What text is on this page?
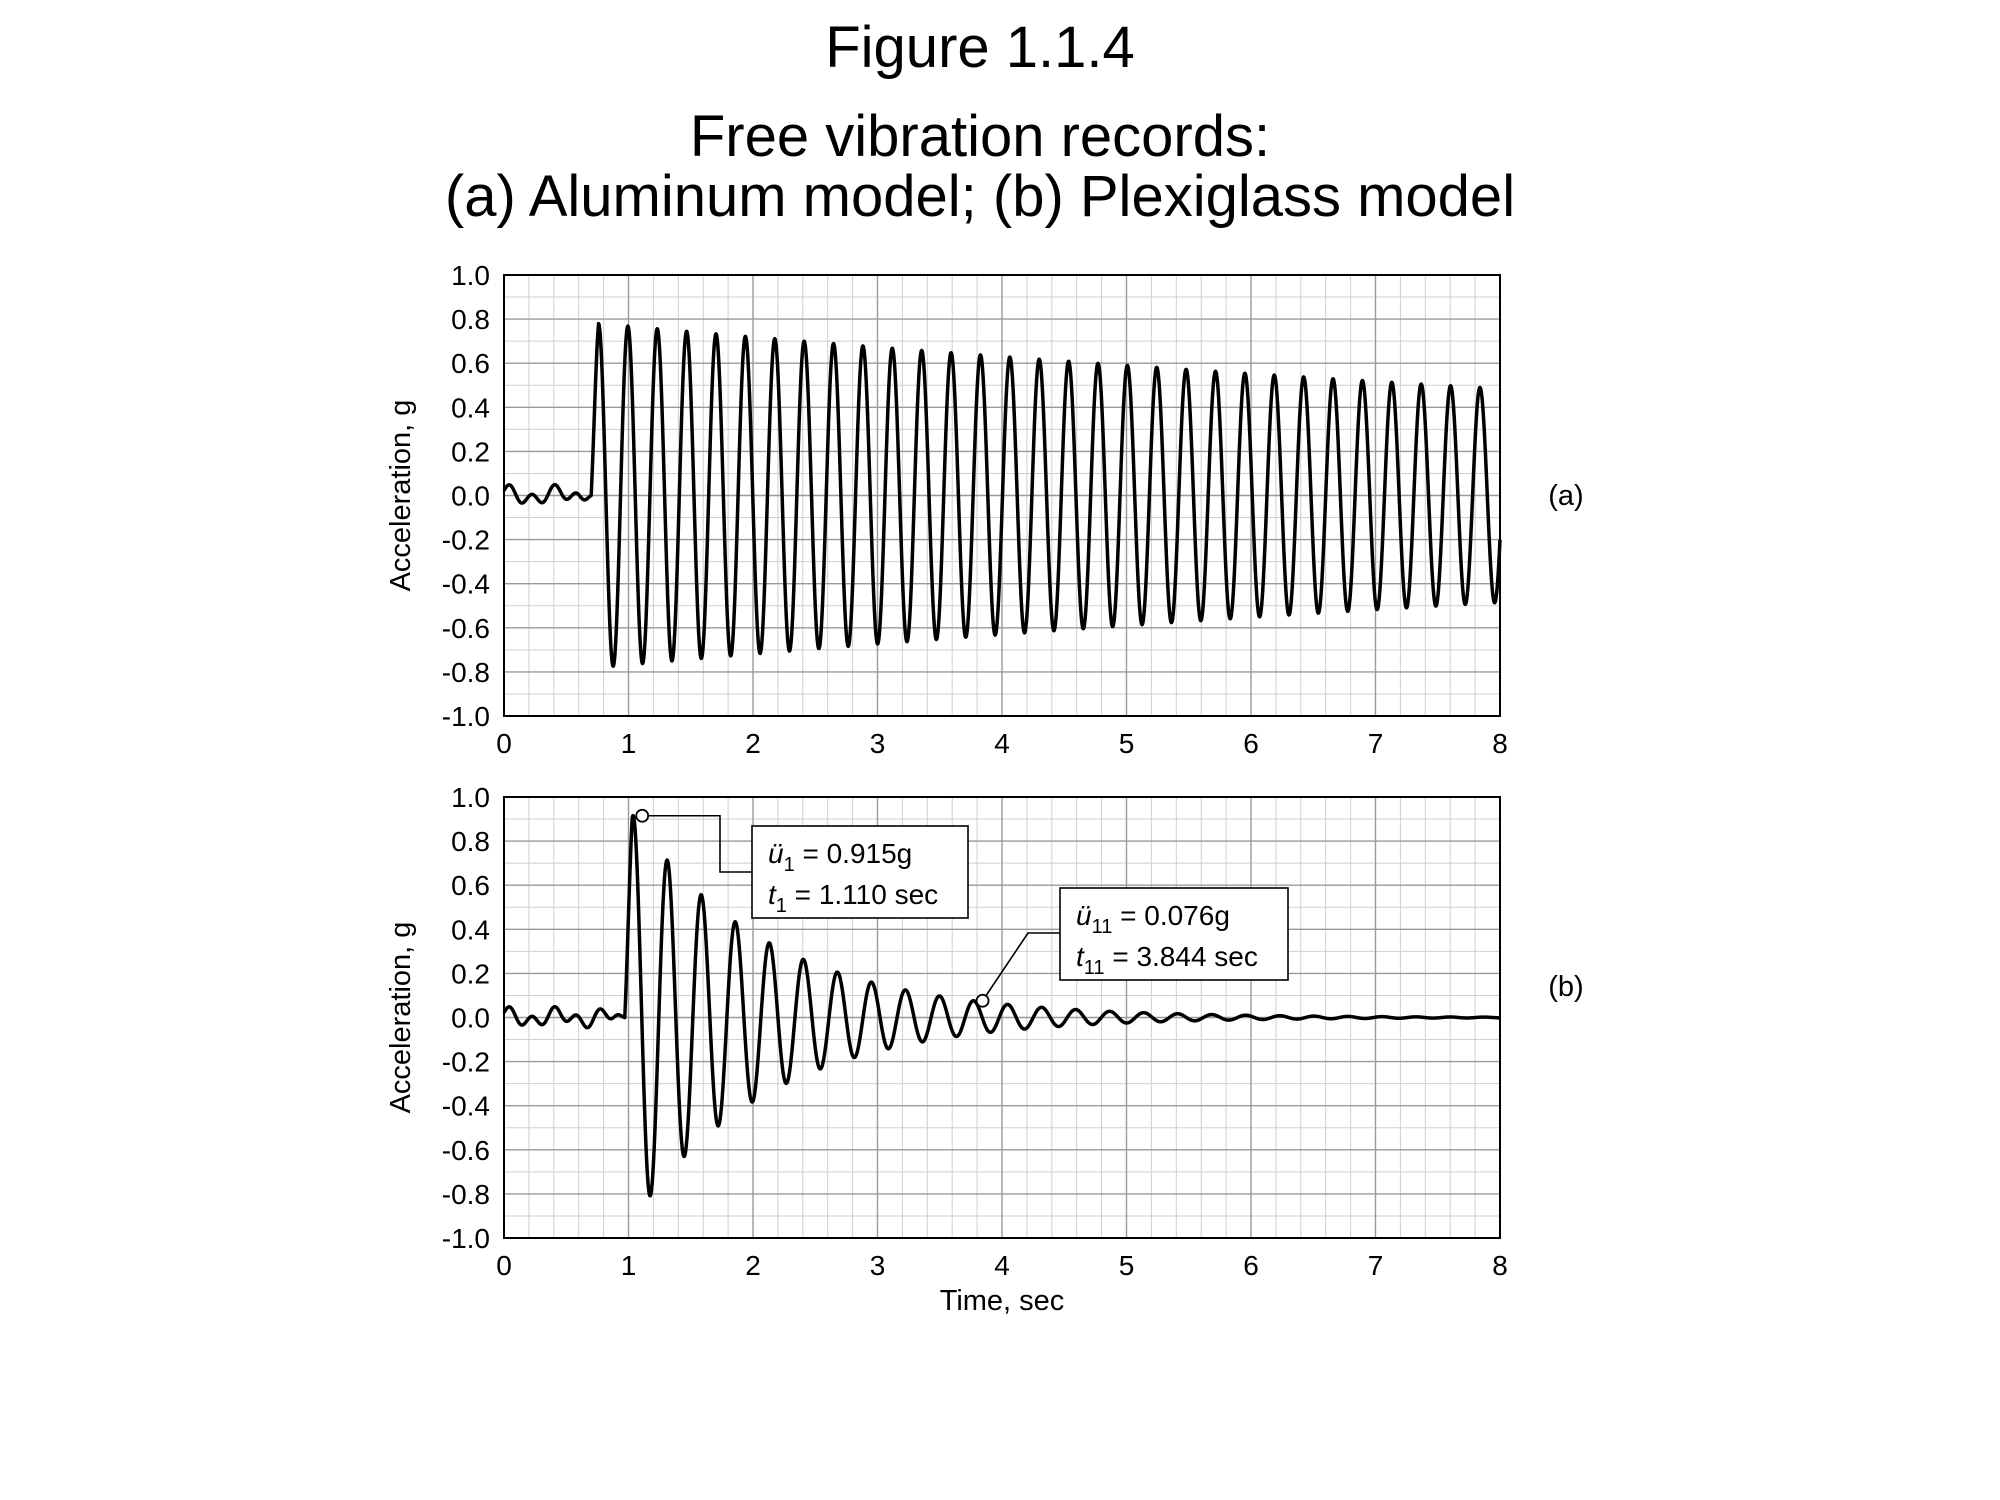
Figure 1.1.4
Free vibration records:
(a) Aluminum model; (b) Plexiglass model
-1.0
-0.8
-0.6
-0.4
-0.2
0.0
0.2
0.4
0.6
0.8
1.0
0	1	2	3	4	5	6	7	8
Acceleration, g	(a)
-1.0
-0.8
-0.6
-0.4
-0.2
0.0
0.2
0.4
0.6
0.8
1.0
0	1	2	3	4	5	6	7	8
Acceleration, g
Time, sec
(b)
$ü_1 = 0.915g$
$t_1 = 1.110$ sec
$ü_{11} = 0.076g$
$t_{11} = 3.844$ sec
